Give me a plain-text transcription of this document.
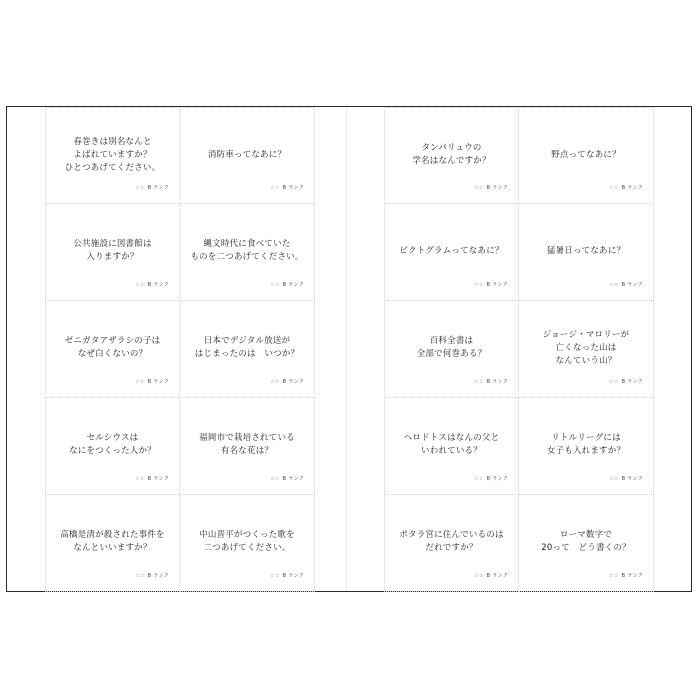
春巻きは別名なんと
よばれていますか？
ひとつあげてください。
☆☆ B ランク
消防車ってなあに？
☆☆ B ランク
公共施設に図書館は
入りますか？
☆☆ B ランク
縄文時代に食べていた
ものを二つあげてください。
☆☆ B ランク
ゼニガタアザラシの子は
なぜ白くないの？
☆☆ B ランク
日本でデジタル放送が
はじまったのは　いつか？
☆☆ B ランク
セルシウスは
なにをつくった人か？
☆☆ B ランク
福岡市で栽培されている
有名な花は？
☆☆ B ランク
高橋是清が殺された事件を
なんといいますか？
☆☆ B ランク
中山晋平がつくった歌を
二つあげてください。
☆☆ B ランク
タンパリュウの
学名はなんですか？
☆☆ B ランク
野点ってなあに？
☆☆ B ランク
ピクトグラムってなあに？
☆☆ B ランク
猛暑日ってなあに？
☆☆ B ランク
百科全書は
全部で何巻ある？
☆☆ B ランク
ジョージ・マロリーが
亡くなった山は
なんていう山？
☆☆ B ランク
ヘロドトスはなんの父と
いわれている？
☆☆ B ランク
リトルリーグには
女子も入れますか？
☆☆ B ランク
ポタラ宮に住んでいるのは
だれですか？
☆☆ B ランク
ローマ数字で
20って　どう書くの？
☆☆ B ランク
